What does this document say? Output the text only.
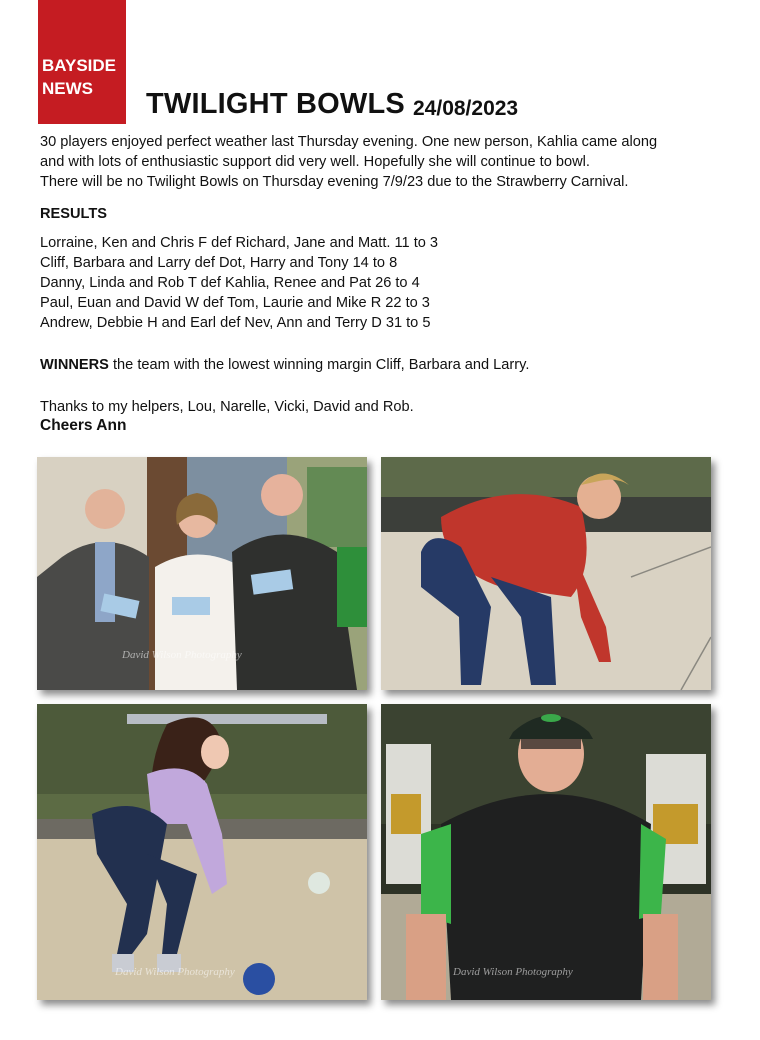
BAYSIDE
NEWS	TWILIGHT BOWLS 24/08/2023
30 players enjoyed perfect weather last Thursday evening. One new person, Kahlia came along
and with lots of enthusiastic support did very well. Hopefully she will continue to bowl.
There will be no Twilight Bowls on Thursday evening 7/9/23 due to the Strawberry Carnival.
RESULTS
Lorraine, Ken and Chris F def Richard, Jane and Matt. 11 to 3
Cliff, Barbara and Larry def Dot, Harry and Tony 14 to 8
Danny, Linda and Rob T def Kahlia, Renee and Pat 26 to 4
Paul, Euan and David W def Tom, Laurie and Mike R 22 to 3
Andrew, Debbie H and Earl def Nev, Ann and Terry D 31 to 5
WINNERS the team with the lowest winning margin Cliff, Barbara and Larry.
Thanks to my helpers, Lou, Narelle, Vicki, David and Rob.
Cheers Ann
David Wilson Photography
David Wilson Photography	David Wilson Photography
